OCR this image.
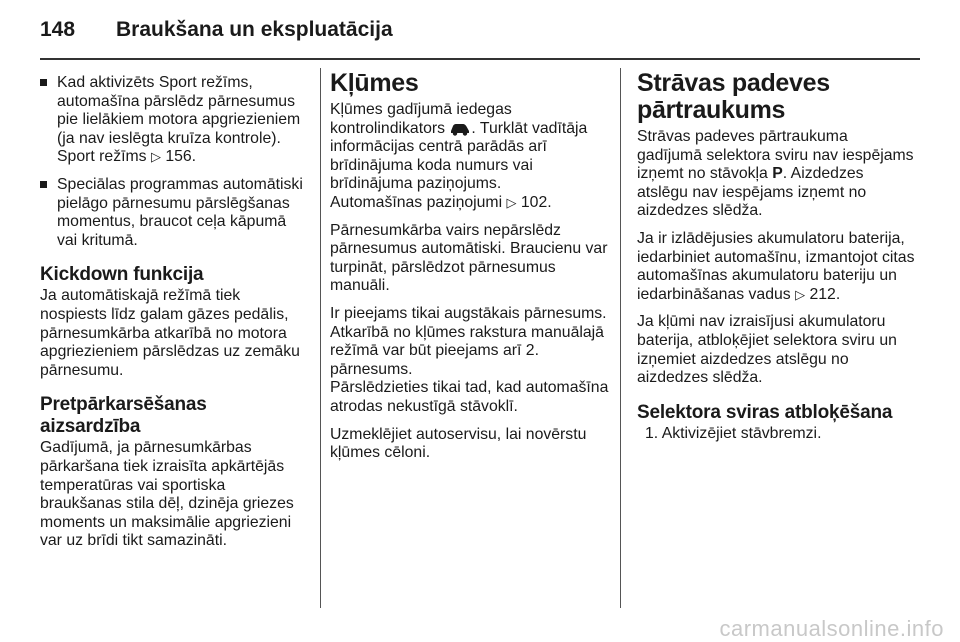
148 Braukšana un ekspluatācija
Kad aktivizēts Sport režīms, automašīna pārslēdz pārnesumus pie lielākiem motora apgriezieniem (ja nav ieslēgta kruīza kontrole). Sport režīms ▷ 156.
Speciālas programmas automātiski pielāgo pārnesumu pārslēgšanas momentus, braucot ceļa kāpumā vai kritumā.
Kickdown funkcija

Ja automātiskajā režīmā tiek nospiests līdz galam gāzes pedālis, pārnesumkārba atkarībā no motora apgriezieniem pārslēdzas uz zemāku pārnesumu.

Pretpārkarsēšanas aizsardzība

Gadījumā, ja pārnesumkārbas pārkaršana tiek izraisīta apkārtējās temperatūras vai sportiska braukšanas stila dēļ, dzinēja griezes moments un maksimālie apgriezieni var uz brīdi tikt samazināti.

Kļūmes

Kļūmes gadījumā iedegas kontrolindikators . Turklāt vadītāja informācijas centrā parādās arī brīdinājuma koda numurs vai brīdinājuma paziņojums.
Automašīnas paziņojumi ▷ 102.

Pārnesumkārba vairs nepārslēdz pārnesumus automātiski. Braucienu var turpināt, pārslēdzot pārnesumus manuāli.

Ir pieejams tikai augstākais pārnesums. Atkarībā no kļūmes rakstura manuālajā režīmā var būt pieejams arī 2. pārnesums.
Pārslēdzieties tikai tad, kad automašīna atrodas nekustīgā stāvoklī.

Uzmeklējiet autoservisu, lai novērstu kļūmes cēloni.

Strāvas padeves pārtraukums

Strāvas padeves pārtraukuma gadījumā selektora sviru nav iespējams izņemt no stāvokļa P. Aizdedzes atslēgu nav iespējams izņemt no aizdedzes slēdža.

Ja ir izlādējusies akumulatoru baterija, iedarbiniet automašīnu, izmantojot citas automašīnas akumulatoru bateriju un iedarbināšanas vadus ▷ 212.

Ja kļūmi nav izraisījusi akumulatoru baterija, atbloķējiet selektora sviru un izņemiet aizdedzes atslēgu no aizdedzes slēdža.

Selektora sviras atbloķēšana

1. Aktivizējiet stāvbremzi.

carmanualsonline.info
